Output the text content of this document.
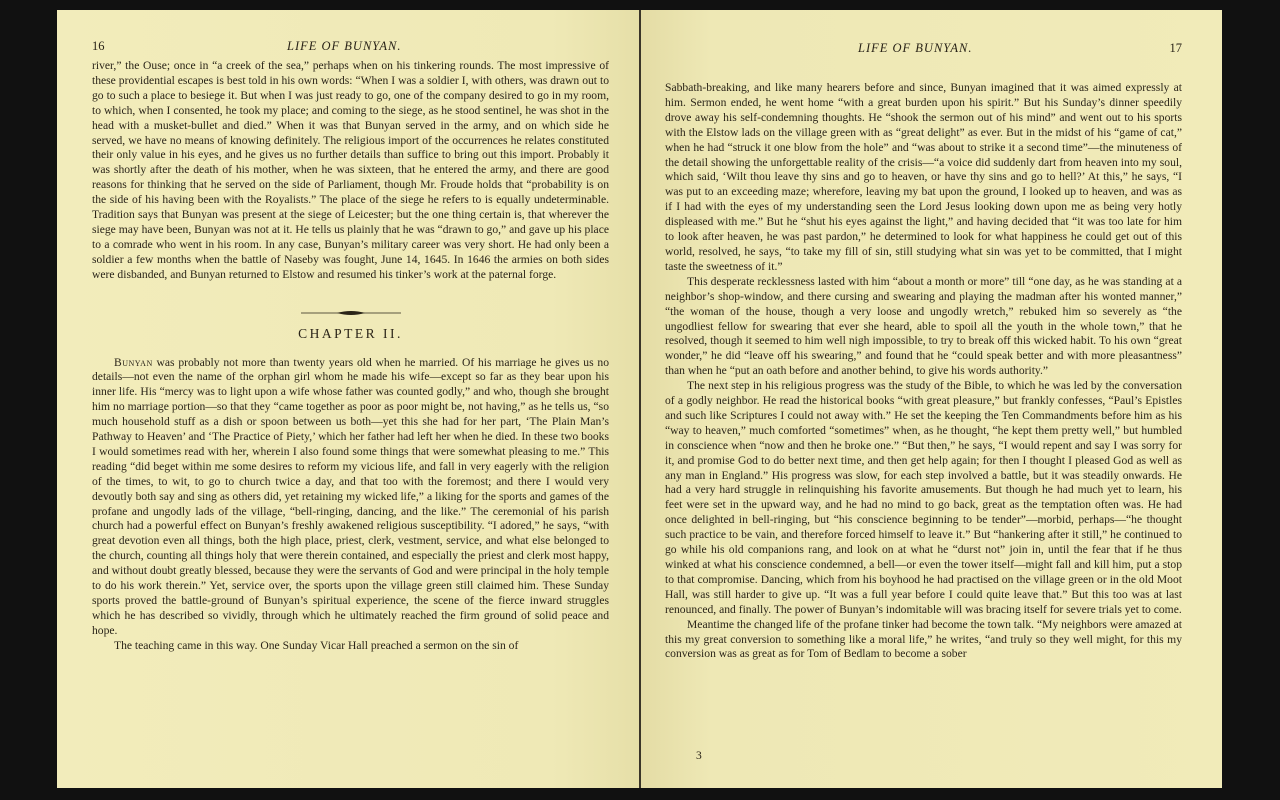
16	LIFE OF BUNYAN.

river,” the Ouse; once in “a creek of the sea,” perhaps when on his tinkering rounds. The most impressive of these providential escapes is best told in his own words: “When I was a soldier I, with others, was drawn out to go to such a place to besiege it. But when I was just ready to go, one of the company desired to go in my room, to which, when I consented, he took my place; and coming to the siege, as he stood sentinel, he was shot in the head with a musket-bullet and died.” When it was that Bunyan served in the army, and on which side he served, we have no means of knowing definitely. The religious import of the occurrences he relates constituted their only value in his eyes, and he gives us no further details than suffice to bring out this import. Probably it was shortly after the death of his mother, when he was sixteen, that he entered the army, and there are good reasons for thinking that he served on the side of Parliament, though Mr. Froude holds that “probability is on the side of his having been with the Royalists.” The place of the siege he refers to is equally undeterminable. Tradition says that Bunyan was present at the siege of Leicester; but the one thing certain is, that wherever the siege may have been, Bunyan was not at it. He tells us plainly that he was “drawn to go,” and gave up his place to a comrade who went in his room. In any case, Bunyan’s military career was very short. He had only been a soldier a few months when the battle of Naseby was fought, June 14, 1645. In 1646 the armies on both sides were disbanded, and Bunyan returned to Elstow and resumed his tinker’s work at the paternal forge.

CHAPTER II.

Bunyan was probably not more than twenty years old when he married. Of his marriage he gives us no details—not even the name of the orphan girl whom he made his wife—except so far as they bear upon his inner life. His “mercy was to light upon a wife whose father was counted godly,” and who, though she brought him no marriage portion—so that they “came together as poor as poor might be, not having,” as he tells us, “so much household stuff as a dish or spoon between us both—yet this she had for her part, ‘The Plain Man’s Pathway to Heaven’ and ‘The Practice of Piety,’ which her father had left her when he died. In these two books I would sometimes read with her, wherein I also found some things that were somewhat pleasing to me.” This reading “did beget within me some desires to reform my vicious life, and fall in very eagerly with the religion of the times, to wit, to go to church twice a day, and that too with the foremost; and there I would very devoutly both say and sing as others did, yet retaining my wicked life,” a liking for the sports and games of the profane and ungodly lads of the village, “bell-ringing, dancing, and the like.” The ceremonial of his parish church had a powerful effect on Bunyan’s freshly awakened religious susceptibility. “I adored,” he says, “with great devotion even all things, both the high place, priest, clerk, vestment, service, and what else belonged to the church, counting all things holy that were therein contained, and especially the priest and clerk most happy, and without doubt greatly blessed, because they were the servants of God and were principal in the holy temple to do his work therein.” Yet, service over, the sports upon the village green still claimed him. These Sunday sports proved the battle-ground of Bunyan’s spiritual experience, the scene of the fierce inward struggles which he has described so vividly, through which he ultimately reached the firm ground of solid peace and hope.

The teaching came in this way. One Sunday Vicar Hall preached a sermon on the sin of

LIFE OF BUNYAN.	17

Sabbath-breaking, and like many hearers before and since, Bunyan imagined that it was aimed expressly at him. Sermon ended, he went home “with a great burden upon his spirit.” But his Sunday’s dinner speedily drove away his self-condemning thoughts. He “shook the sermon out of his mind” and went out to his sports with the Elstow lads on the village green with as “great delight” as ever. But in the midst of his “game of cat,” when he had “struck it one blow from the hole” and “was about to strike it a second time”—the minuteness of the detail showing the unforgettable reality of the crisis—“a voice did suddenly dart from heaven into my soul, which said, ‘Wilt thou leave thy sins and go to heaven, or have thy sins and go to hell?’ At this,” he says, “I was put to an exceeding maze; wherefore, leaving my bat upon the ground, I looked up to heaven, and was as if I had with the eyes of my understanding seen the Lord Jesus looking down upon me as being very hotly displeased with me.” But he “shut his eyes against the light,” and having decided that “it was too late for him to look after heaven, he was past pardon,” he determined to look for what happiness he could get out of this world, resolved, he says, “to take my fill of sin, still studying what sin was yet to be committed, that I might taste the sweetness of it.”

This desperate recklessness lasted with him “about a month or more” till “one day, as he was standing at a neighbor’s shop-window, and there cursing and swearing and playing the madman after his wonted manner,” “the woman of the house, though a very loose and ungodly wretch,” rebuked him so severely as “the ungodliest fellow for swearing that ever she heard, able to spoil all the youth in the whole town,” that he resolved, though it seemed to him well nigh impossible, to try to break off this wicked habit. To his own “great wonder,” he did “leave off his swearing,” and found that he “could speak better and with more pleasantness” than when he “put an oath before and another behind, to give his words authority.”

The next step in his religious progress was the study of the Bible, to which he was led by the conversation of a godly neighbor. He read the historical books “with great pleasure,” but frankly confesses, “Paul’s Epistles and such like Scriptures I could not away with.” He set the keeping the Ten Commandments before him as his “way to heaven,” much comforted “sometimes” when, as he thought, “he kept them pretty well,” but humbled in conscience when “now and then he broke one.” “But then,” he says, “I would repent and say I was sorry for it, and promise God to do better next time, and then get help again; for then I thought I pleased God as well as any man in England.” His progress was slow, for each step involved a battle, but it was steadily onwards. He had a very hard struggle in relinquishing his favorite amusements. But though he had much yet to learn, his feet were set in the upward way, and he had no mind to go back, great as the temptation often was. He had once delighted in bell-ringing, but “his conscience beginning to be tender”—morbid, perhaps—“he thought such practice to be vain, and therefore forced himself to leave it.” But “hankering after it still,” he continued to go while his old companions rang, and look on at what he “durst not” join in, until the fear that if he thus winked at what his conscience condemned, a bell—or even the tower itself—might fall and kill him, put a stop to that compromise. Dancing, which from his boyhood he had practised on the village green or in the old Moot Hall, was still harder to give up. “It was a full year before I could quite leave that.” But this too was at last renounced, and finally. The power of Bunyan’s indomitable will was bracing itself for severe trials yet to come.

Meantime the changed life of the profane tinker had become the town talk. “My neighbors were amazed at this my great conversion to something like a moral life,” he writes, “and truly so they well might, for this my conversion was as great as for Tom of Bedlam to become a sober

3
